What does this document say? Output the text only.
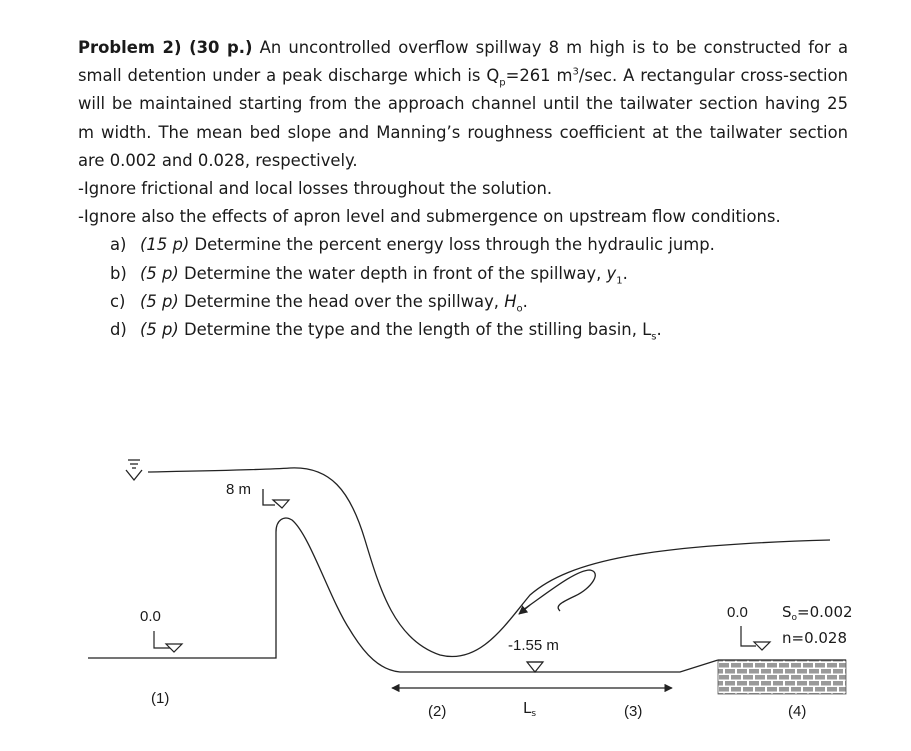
Problem 2) (30 p.) An uncontrolled overflow spillway 8 m high is to be constructed for a small detention under a peak discharge which is $Q_p=261$ $m^3/\sec$. A rectangular cross-section will be maintained starting from the approach channel until the tailwater section having 25 m width. The mean bed slope and Manning’s roughness coefficient at the tailwater section are 0.002 and 0.028, respectively.

-Ignore frictional and local losses throughout the solution.

-Ignore also the effects of apron level and submergence on upstream flow conditions.

a) (15 p) Determine the percent energy loss through the hydraulic jump.
b) (5 p) Determine the water depth in front of the spillway, $y_1$.
c) (5 p) Determine the head over the spillway, $H_o$.
d) (5 p) Determine the type and the length of the stilling basin, $L_s$.
8 m
0.0
-1.55 m
$L_s$
0.0 $S_o=0.002$
n=0.028
(1)
(2)	(3)	(4)
